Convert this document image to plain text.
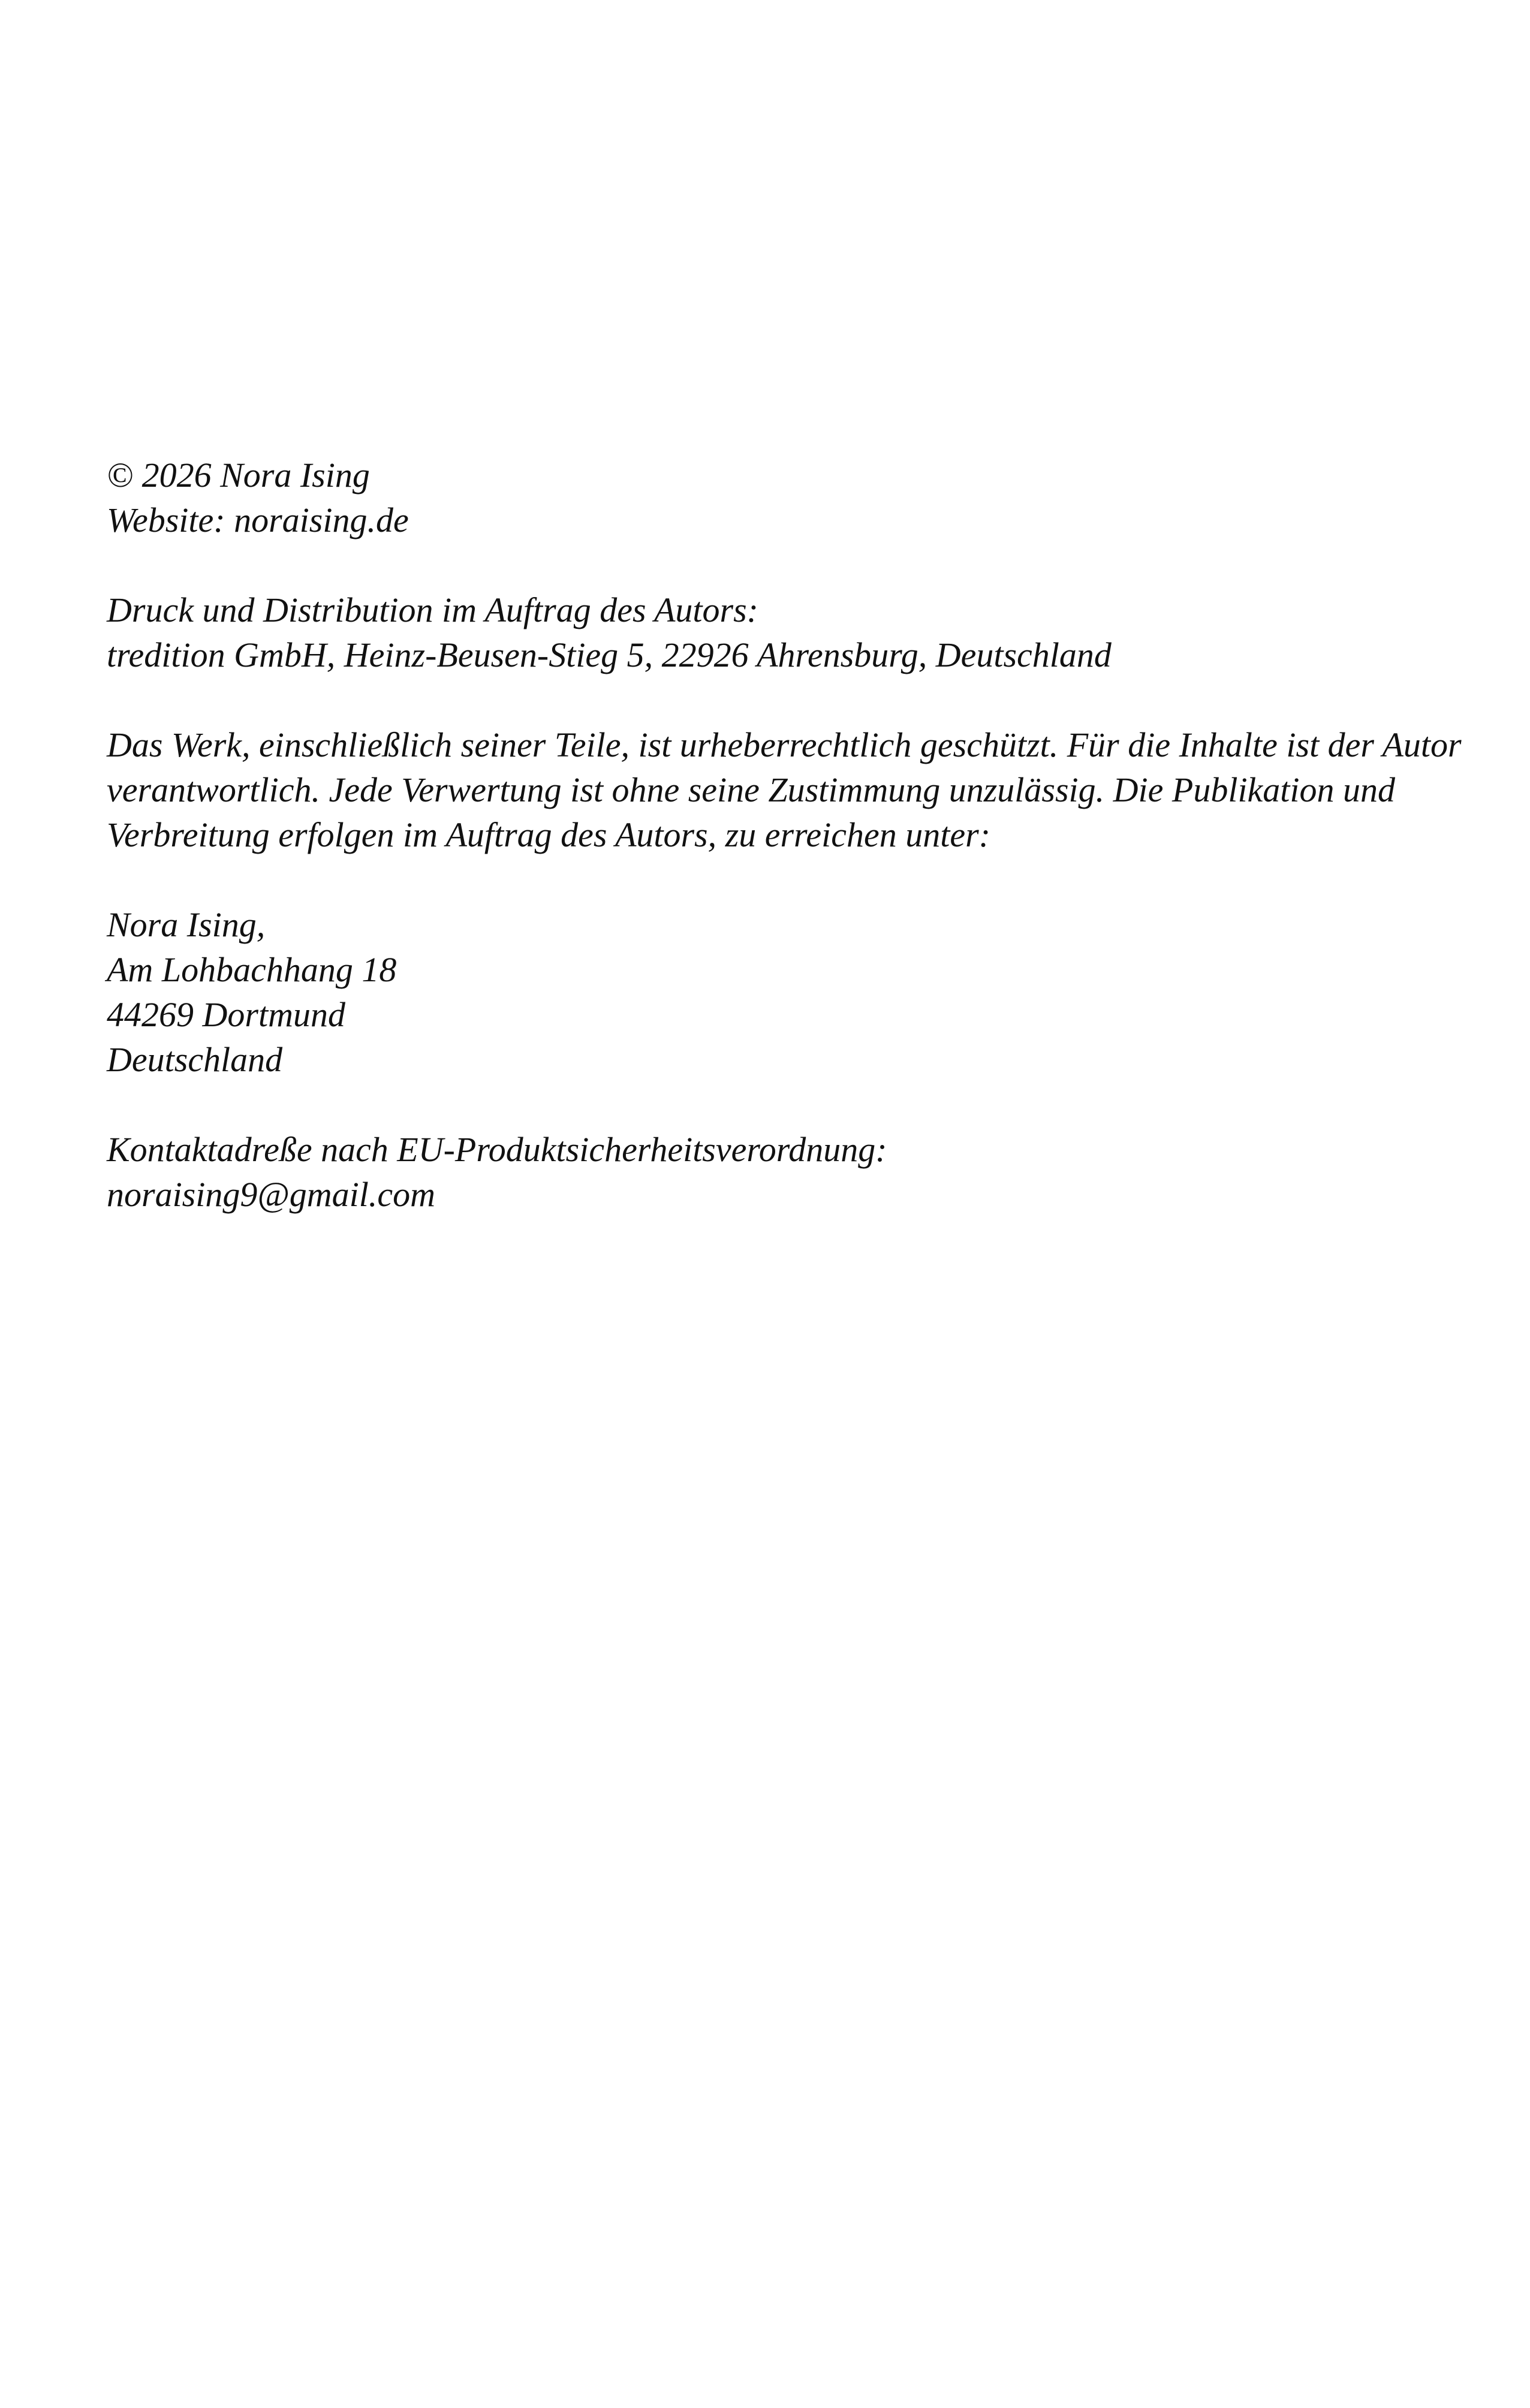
© 2026 Nora Ising
Website: noraising.de
Druck und Distribution im Auftrag des Autors:
tredition GmbH, Heinz-Beusen-Stieg 5, 22926 Ahrensburg, Deutschland
Das Werk, einschließlich seiner Teile, ist urheberrechtlich geschützt. Für die Inhalte ist der Autor
verantwortlich. Jede Verwertung ist ohne seine Zustimmung unzulässig. Die Publikation und
Verbreitung erfolgen im Auftrag des Autors, zu erreichen unter:
Nora Ising,
Am Lohbachhang 18
44269 Dortmund
Deutschland
Kontaktadreße nach EU-Produktsicherheitsverordnung:
noraising9@gmail.com
